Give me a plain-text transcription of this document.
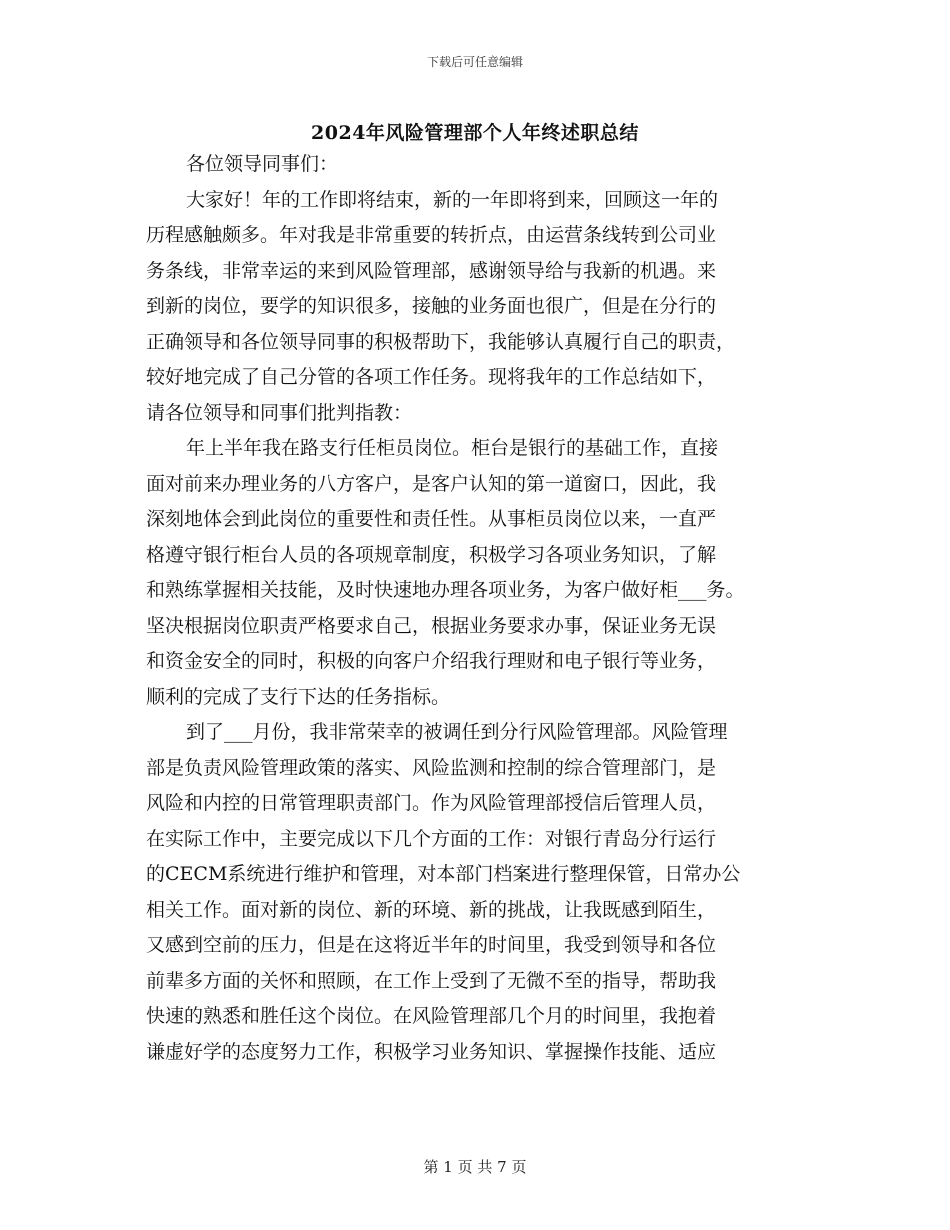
下载后可任意编辑
2024年风险管理部个人年终述职总结
各位领导同事们：
大家好！年的工作即将结束，新的一年即将到来，回顾这一年的
历程感触颇多。年对我是非常重要的转折点，由运营条线转到公司业
务条线，非常幸运的来到风险管理部，感谢领导给与我新的机遇。来
到新的岗位，要学的知识很多，接触的业务面也很广，但是在分行的
正确领导和各位领导同事的积极帮助下，我能够认真履行自己的职责，
较好地完成了自己分管的各项工作任务。现将我年的工作总结如下，
请各位领导和同事们批判指教：
年上半年我在路支行任柜员岗位。柜台是银行的基础工作，直接
面对前来办理业务的八方客户，是客户认知的第一道窗口，因此，我
深刻地体会到此岗位的重要性和责任性。从事柜员岗位以来，一直严
格遵守银行柜台人员的各项规章制度，积极学习各项业务知识，了解
和熟练掌握相关技能，及时快速地办理各项业务，为客户做好柜___务。
坚决根据岗位职责严格要求自己，根据业务要求办事，保证业务无误
和资金安全的同时，积极的向客户介绍我行理财和电子银行等业务，
顺利的完成了支行下达的任务指标。
到了___月份，我非常荣幸的被调任到分行风险管理部。风险管理
部是负责风险管理政策的落实、风险监测和控制的综合管理部门，是
风险和内控的日常管理职责部门。作为风险管理部授信后管理人员，
在实际工作中，主要完成以下几个方面的工作：对银行青岛分行运行
的CECM系统进行维护和管理，对本部门档案进行整理保管，日常办公
相关工作。面对新的岗位、新的环境、新的挑战，让我既感到陌生，
又感到空前的压力，但是在这将近半年的时间里，我受到领导和各位
前辈多方面的关怀和照顾，在工作上受到了无微不至的指导，帮助我
快速的熟悉和胜任这个岗位。在风险管理部几个月的时间里，我抱着
谦虚好学的态度努力工作，积极学习业务知识、掌握操作技能、适应
第 1 页 共 7 页
